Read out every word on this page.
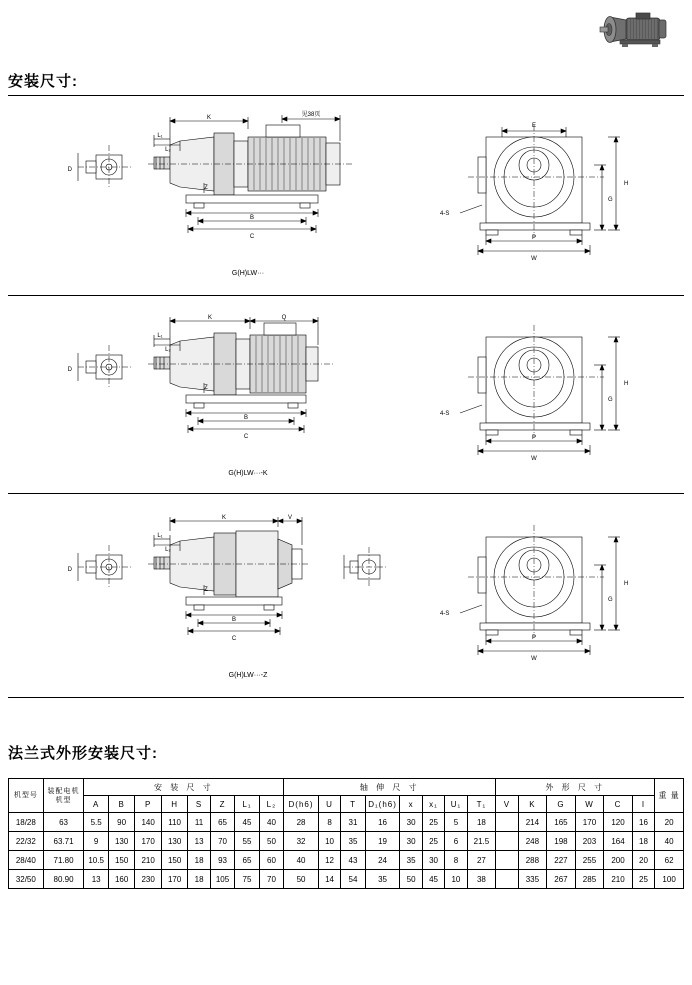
安装尺寸:
法兰式外形安装尺寸:
D
K	见38页
L₁
L₂
Z
B
C
E
H
G
4-S
P
W
G(H)LW···
D
K	Q
L₁
L₂
Z
B
C
H
G
4-S
P
W
G(H)LW···-K
D
K	V
L₁
L₂
Z
B
C
H
G
4-S
P
W
G(H)LW···-Z
机型号	装配电机机型	安 装 尺 寸								轴 伸 尺 寸								外 形 尺 寸						重 量
		A	B	P	H	S	Z	L₁	L₂	D(h6)	U	T	D₁(h6)	x	x₁	U₁	T₁	V	K	G	W	C	I	
18/28	63	5.5	90	140	110	11	65	45	40	28	8	31	16	30	25	5	18		214	165	170	120	16	20
22/32	63.71	9	130	170	130	13	70	55	50	32	10	35	19	30	25	6	21.5		248	198	203	164	18	40
28/40	71.80	10.5	150	210	150	18	93	65	60	40	12	43	24	35	30	8	27		288	227	255	200	20	62
32/50	80.90	13	160	230	170	18	105	75	70	50	14	54	35	50	45	10	38		335	267	285	210	25	100
